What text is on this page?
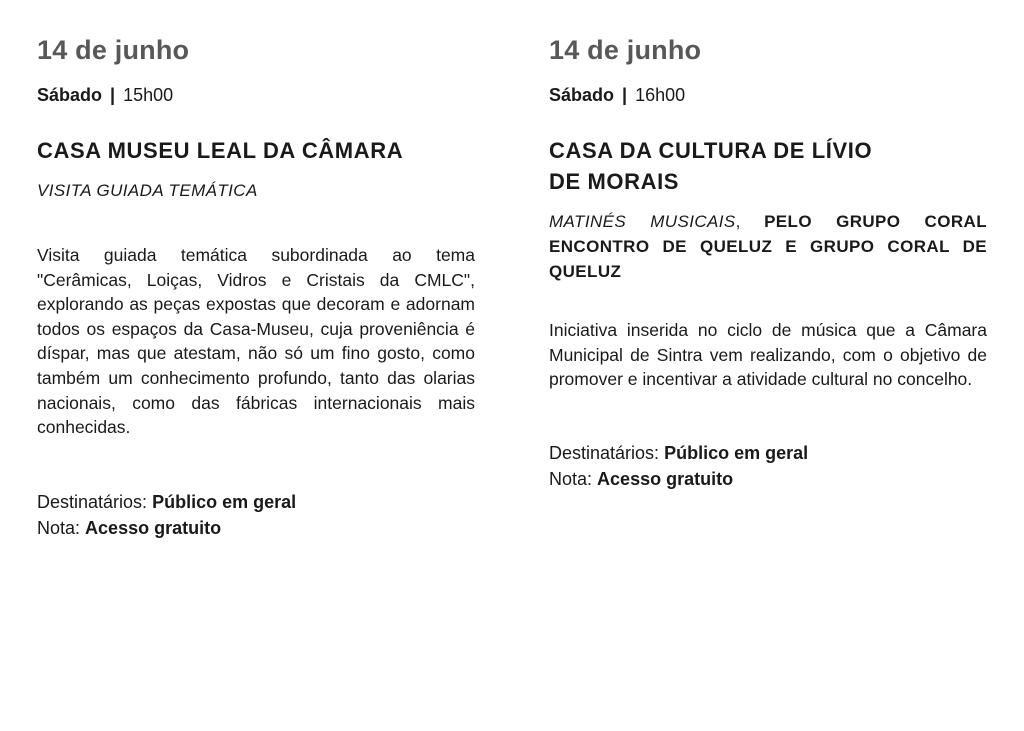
14 de junho

Sábado | 15h00

CASA MUSEU LEAL DA CÂMARA

VISITA GUIADA TEMÁTICA

Visita guiada temática subordinada ao tema "Cerâmicas, Loiças, Vidros e Cristais da CMLC", explorando as peças expostas que decoram e adornam todos os espaços da Casa-Museu, cuja proveniência é díspar, mas que atestam, não só um fino gosto, como também um conhecimento profundo, tanto das olarias nacionais, como das fábricas internacionais mais conhecidas.

Destinatários: Público em geral
Nota: Acesso gratuito
14 de junho

Sábado | 16h00

CASA DA CULTURA DE LÍVIO
DE MORAIS

MATINÉS MUSICAIS, PELO GRUPO CORAL ENCONTRO DE QUELUZ E GRUPO CORAL DE QUELUZ

Iniciativa inserida no ciclo de música que a Câmara Municipal de Sintra vem realizando, com o objetivo de promover e incentivar a atividade cultural no concelho.

Destinatários: Público em geral
Nota: Acesso gratuito
